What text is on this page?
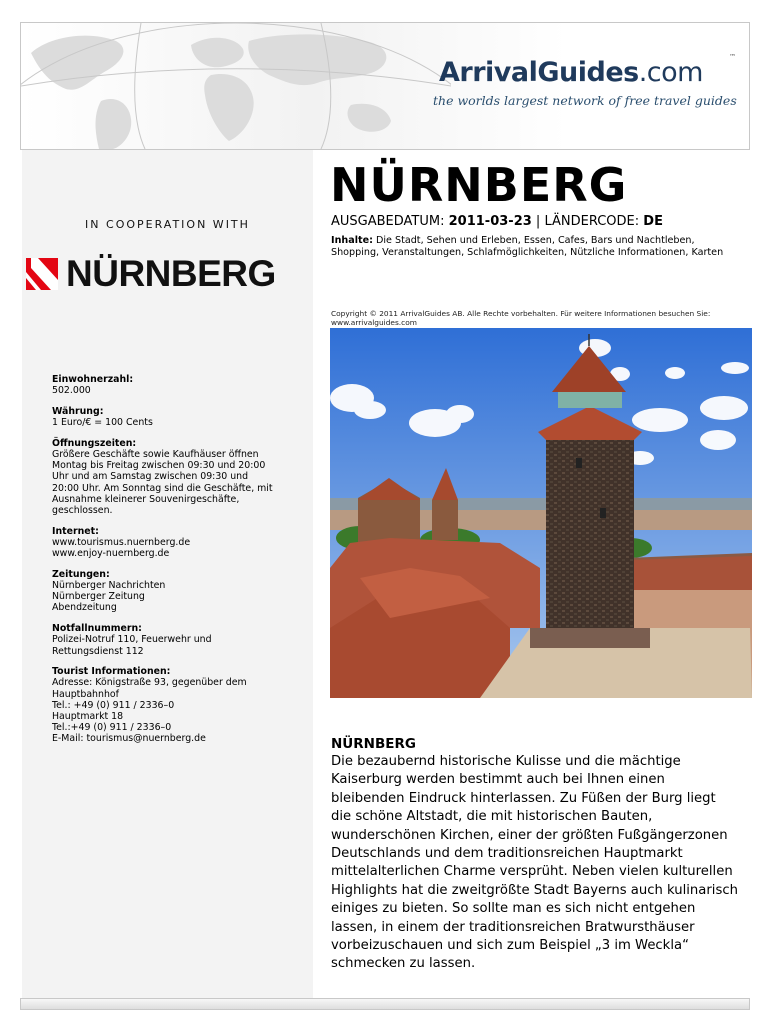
ArrivalGuides.com	™
the worlds largest network of free travel guides
IN COOPERATION WITH
NÜRNBERG
Einwohnerzahl:
502.000
Währung:
1 Euro/€ = 100 Cents
Öffnungszeiten:
Größere Geschäfte sowie Kaufhäuser öffnen
Montag bis Freitag zwischen 09:30 und 20:00
Uhr und am Samstag zwischen 09:30 und
20:00 Uhr. Am Sonntag sind die Geschäfte, mit
Ausnahme kleinerer Souvenirgeschäfte,
geschlossen.
Internet:
www.tourismus.nuernberg.de
www.enjoy-nuernberg.de
Zeitungen:
Nürnberger Nachrichten
Nürnberger Zeitung
Abendzeitung
Notfallnummern:
Polizei-Notruf 110, Feuerwehr und
Rettungsdienst 112
Tourist Informationen:
Adresse: Königstraße 93, gegenüber dem
Hauptbahnhof
Tel.: +49 (0) 911 / 2336–0
Hauptmarkt 18
Tel.:+49 (0) 911 / 2336–0
E-Mail: tourismus@nuernberg.de
NÜRNBERG
AUSGABEDATUM: 2011-03-23 | LÄNDERCODE: DE
Inhalte: Die Stadt, Sehen und Erleben, Essen, Cafes, Bars und Nachtleben, Shopping, Veranstaltungen, Schlafmöglichkeiten, Nützliche Informationen, Karten
Copyright © 2011 ArrivalGuides AB. Alle Rechte vorbehalten. Für weitere Informationen besuchen Sie: www.arrivalguides.com
NÜRNBERG
Die bezaubernd historische Kulisse und die mächtige
Kaiserburg werden bestimmt auch bei Ihnen einen
bleibenden Eindruck hinterlassen. Zu Füßen der Burg liegt
die schöne Altstadt, die mit historischen Bauten,
wunderschönen Kirchen, einer der größten Fußgängerzonen
Deutschlands und dem traditionsreichen Hauptmarkt
mittelalterlichen Charme versprüht. Neben vielen kulturellen
Highlights hat die zweitgrößte Stadt Bayerns auch kulinarisch
einiges zu bieten. So sollte man es sich nicht entgehen
lassen, in einem der traditionsreichen Bratwursthäuser
vorbeizuschauen und sich zum Beispiel „3 im Weckla“
schmecken zu lassen.
